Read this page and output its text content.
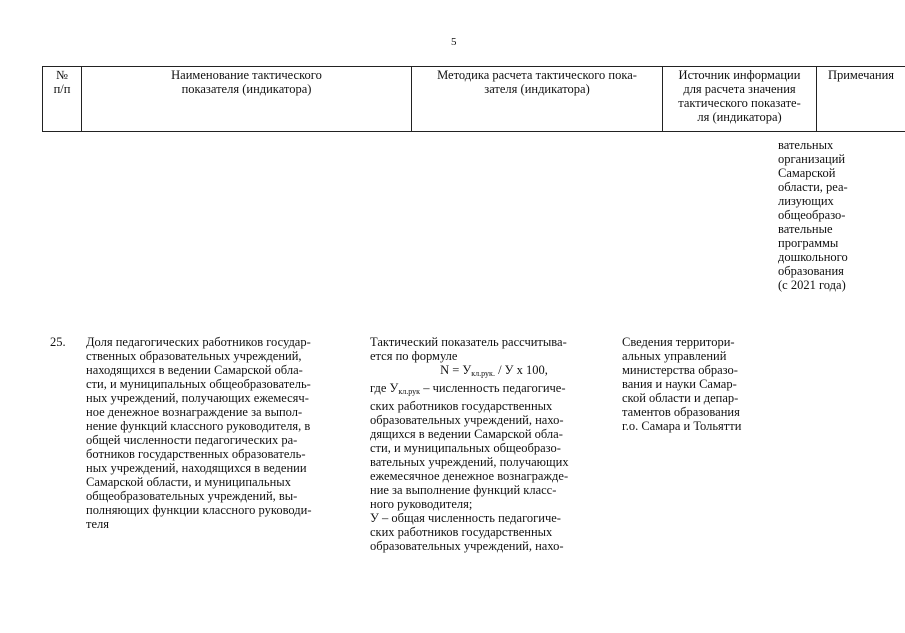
5
№
п/п
Наименование тактического
показателя (индикатора)
Методика расчета тактического пока-
зателя (индикатора)
Источник информации
для расчета значения
тактического показате-
ля (индикатора)
Примечания
вательных
организаций
Самарской
области, реа-
лизующих
общеобразо-
вательные
программы
дошкольного
образования
(с 2021 года)
25. Доля педагогических работников государ-
ственных образовательных учреждений,
находящихся в ведении Самарской обла-
сти, и муниципальных общеобразователь-
ных учреждений, получающих ежемесяч-
ное денежное вознаграждение за выпол-
нение функций классного руководителя, в
общей численности педагогических ра-
ботников государственных образователь-
ных учреждений, находящихся в ведении
Самарской области, и муниципальных
общеобразовательных учреждений, вы-
полняющих функции классного руководи-
теля
Тактический показатель рассчитыва-
ется по формуле
$N = У_{кл.рук.} / У$ x 100,
где $У_{кл.рук}$ – численность педагогиче-
ских работников государственных
образовательных учреждений, нахо-
дящихся в ведении Самарской обла-
сти, и муниципальных общеобразо-
вательных учреждений, получающих
ежемесячное денежное вознагражде-
ние за выполнение функций класс-
ного руководителя;
У – общая численность педагогиче-
ских работников государственных
образовательных учреждений, нахо-
Сведения территори-
альных управлений
министерства образо-
вания и науки Самар-
ской области и депар-
таментов образования
г.о. Самара и Тольятти
